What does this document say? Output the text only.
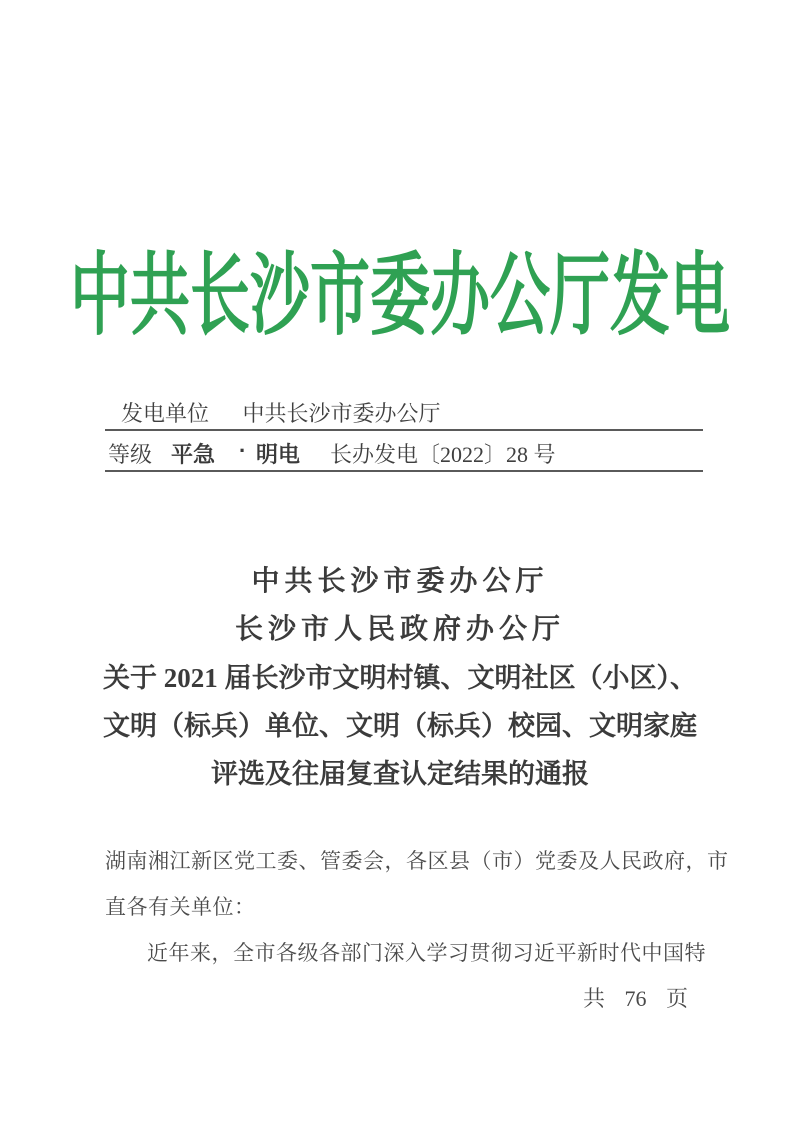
中共长沙市委办公厅发电
发电单位 中共长沙市委办公厅
等级 平急 · 明电 长办发电〔2022〕28 号
中共长沙市委办公厅
长沙市人民政府办公厅
关于 2021 届长沙市文明村镇、文明社区（小区）、
文明（标兵）单位、文明（标兵）校园、文明家庭
评选及往届复查认定结果的通报
湖南湘江新区党工委、管委会，各区县（市）党委及人民政府，市
直各有关单位：
近年来，全市各级各部门深入学习贯彻习近平新时代中国特
共 76 页
